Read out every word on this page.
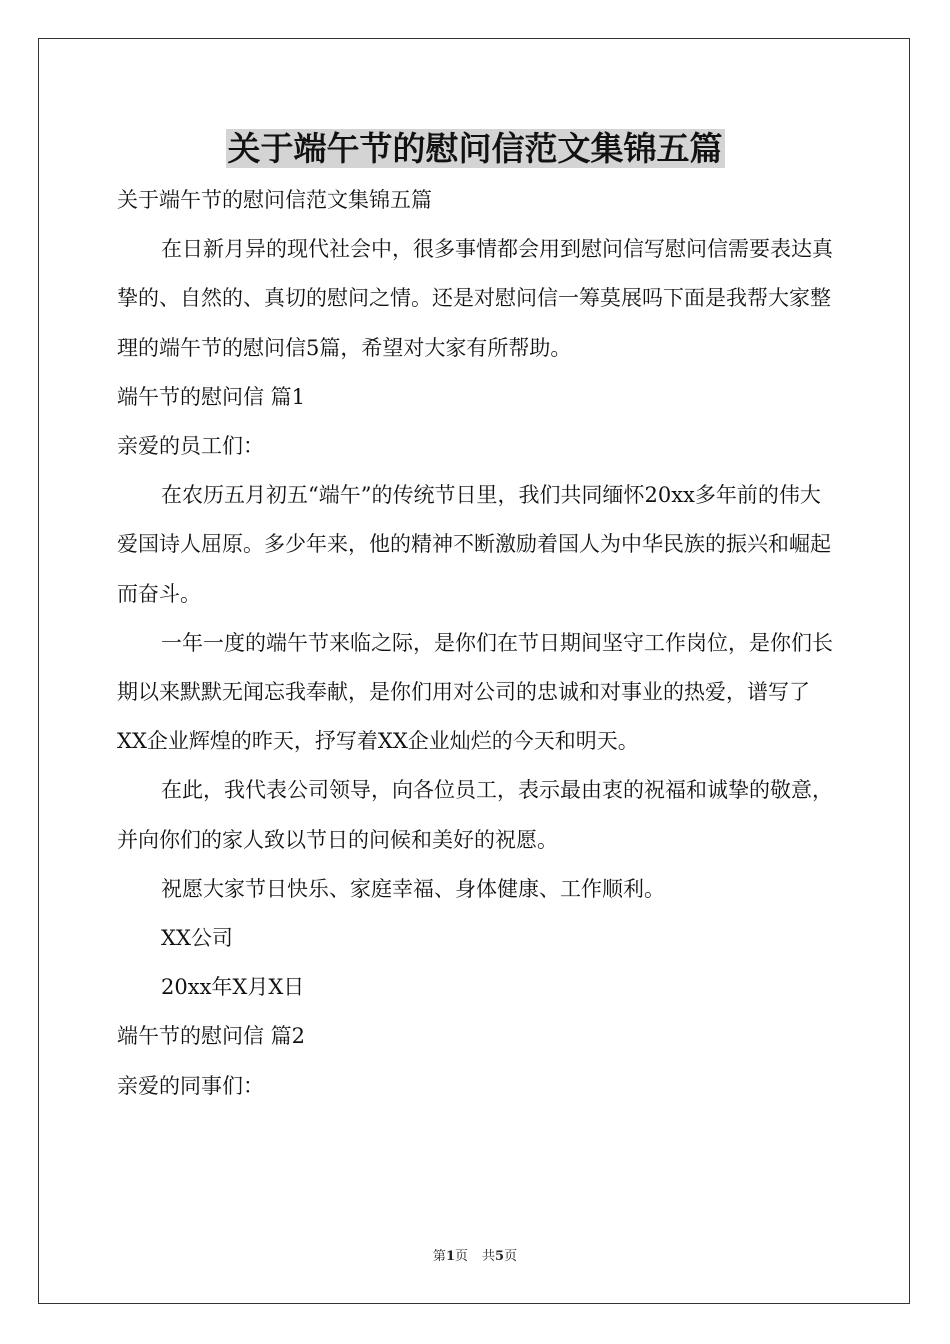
关于端午节的慰问信范文集锦五篇

关于端午节的慰问信范文集锦五篇

在日新月异的现代社会中，很多事情都会用到慰问信写慰问信需要表达真挚的、自然的、真切的慰问之情。还是对慰问信一筹莫展吗下面是我帮大家整理的端午节的慰问信5篇，希望对大家有所帮助。

端午节的慰问信 篇1

亲爱的员工们：

在农历五月初五“端午”的传统节日里，我们共同缅怀20xx多年前的伟大爱国诗人屈原。多少年来，他的精神不断激励着国人为中华民族的振兴和崛起而奋斗。

一年一度的端午节来临之际，是你们在节日期间坚守工作岗位，是你们长期以来默默无闻忘我奉献，是你们用对公司的忠诚和对事业的热爱，谱写了XX企业辉煌的昨天，抒写着XX企业灿烂的今天和明天。

在此，我代表公司领导，向各位员工，表示最由衷的祝福和诚挚的敬意，并向你们的家人致以节日的问候和美好的祝愿。

祝愿大家节日快乐、家庭幸福、身体健康、工作顺利。

XX公司

20xx年X月X日

端午节的慰问信 篇2

亲爱的同事们：

第1页 共5页
